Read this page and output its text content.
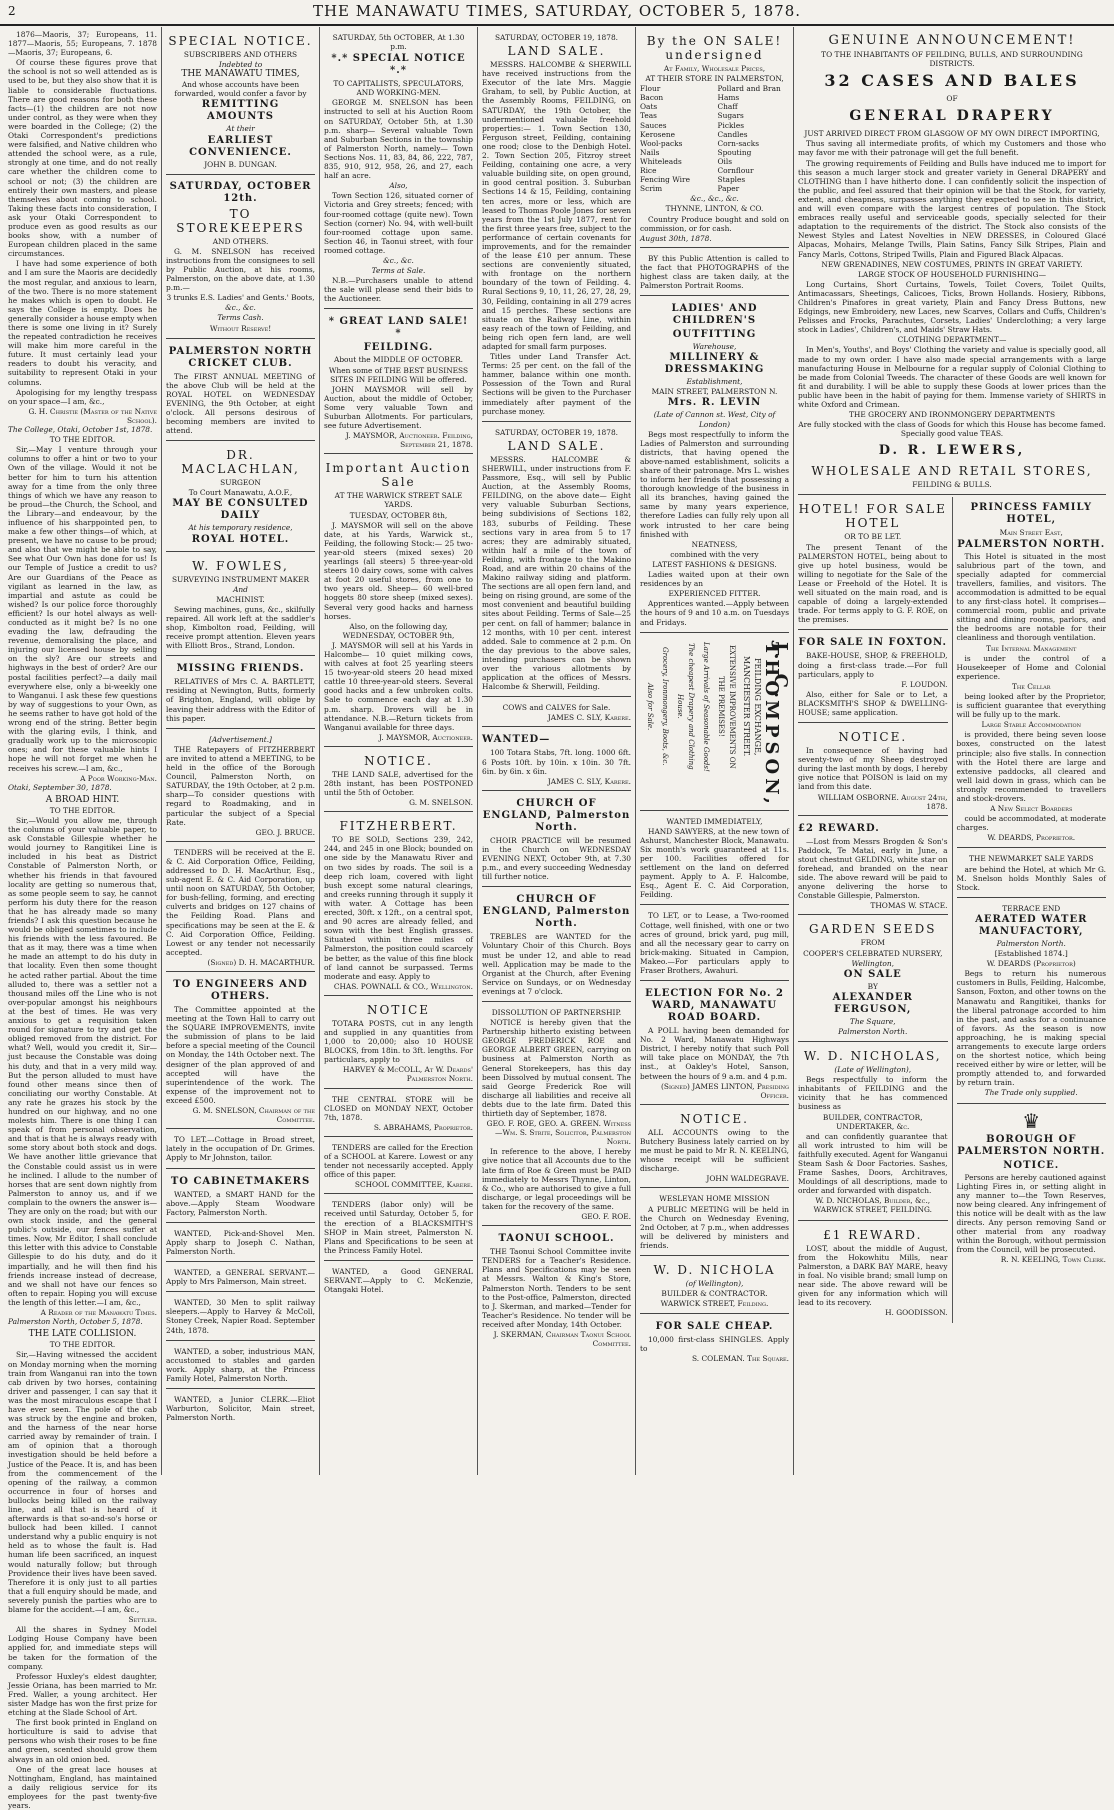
2	THE MANAWATU TIMES, SATURDAY, OCTOBER 5, 1878.

1876—Maoris, 37; Europeans, 11. 1877—Maoris, 55; Europeans, 7. 1878—Maoris, 37; Europeans, 6.

Of course these figures prove that the school is not so well attended as is used to be, but they also show that it is liable to considerable fluctuations. There are good reasons for both these facts—(1) the children are not now under control, as they were when they were boarded in the College; (2) the Otaki Correspondent's predictions were falsified, and Native children who attended the school were, as a rule, strongly at one time, and do not really care whether the children come to school or not; (3) the children are entirely their own masters, and please themselves about coming to school. Taking these facts into consideration, I ask your Otaki Correspondent to produce even as good results as our books show, with a number of European children placed in the same circumstances.

I have had some experience of both and I am sure the Maoris are decidedly the most regular, and anxious to learn, of the two. There is no more statement he makes which is open to doubt. He says the College is empty. Does he generally consider a house empty when there is some one living in it? Surely the repeated contradiction he receives will make him more careful in the future. It must certainly lead your readers to doubt his veracity, and suitability to represent Otaki in your columns.

Apologising for my lengthy trespass on your space—I am, &c.,

G. H. Christie (Master of the Native School).
The College, Otaki, October 1st, 1878.
TO THE EDITOR.

Sir,—May I venture through your columns to offer a hint or two to your Own of the village. Would it not be better for him to turn his attention away for a time from the only three things of which we have any reason to be proud—the Church, the School, and the Library—and endeavour, by the influence of his sharppointed pen, to make a few other things—of which, at present, we have no cause to be proud; and also that we might be able to say, See what Our Own has done for us! Is our Temple of Justice a credit to us? Are our Guardians of the Peace as vigilant as learned in the law, as impartial and astute as could be wished? Is our police force thoroughly efficient? Is our hotel always as well-conducted as it might be? Is no one evading the law, defrauding the revenue, demoralising the place, and injuring our licensed house by selling on the sly? Are our streets and highways in the best of order? Are our postal facilities perfect?—a daily mail everywhere else, only a bi-weekly one to Wanganui. I ask these few questions by way of suggestions to your Own, as he seems rather to have got hold of the wrong end of the string. Better begin with the glaring evils, I think, and gradually work up to the microscopic ones; and for these valuable hints I hope he will not forget me when he receives his screw.—I am, &c.,

A Poor Working-Man.
Otaki, September 30, 1878.
A BROAD HINT.
TO THE EDITOR.

Sir,—Would you allow me, through the columns of your valuable paper, to ask Constable Gillespie whether he would journey to Rangitikei Line is included in his beat as District Constable of Palmerston North, or whether his friends in that favoured locality are getting so numerous that, as some people seem to say, he cannot perform his duty there for the reason that he has already made so many friends? I ask this question because he would be obliged sometimes to include his friends with the less favoured. Be that as it may, there was a time when he made an attempt to do his duty in that locality. Even then some thought he acted rather partial. About the time alluded to, there was a settler not a thousand miles off the Line who is not over-popular amongst his neighbours at the best of times. He was very anxious to get a requisition taken round for signature to try and get the obliged removed from the district. For what? Well, would you credit it, Sir—just because the Constable was doing his duty, and that in a very mild way. But the person alluded to must have found other means since then of conciliating our worthy Constable. At any rate he grazes his stock by the hundred on our highway, and no one molests him. There is one thing I can speak of from personal observation, and that is that he is always ready with some story about both stock and dogs. We have another little grievance that the Constable could assist us in were he inclined. I allude to the number of horses that are sent down nightly from Palmerston to annoy us, and if we complain to the owners the answer is—They are only on the road; but with our own stock inside, and the general public's outside, our fences suffer at times. Now, Mr Editor, I shall conclude this letter with this advice to Constable Gillespie to do his duty, and do it impartially, and he will then find his friends increase instead of decrease, and we shall not have our fences so often to repair. Hoping you will excuse the length of this letter.—I am, &c.,

A Reader of the Manawatu Times.
Palmerston North, October 5, 1878.
THE LATE COLLISION.
TO THE EDITOR.

Sir,—Having witnessed the accident on Monday morning when the morning train from Wanganui ran into the town cab driven by two horses, containing driver and passenger, I can say that it was the most miraculous escape that I have ever seen. The pole of the cab was struck by the engine and broken, and the harness of the near horse carried away by remainder of train. I am of opinion that a thorough investigation should be held before a Justice of the Peace. It is, and has been from the commencement of the opening of the railway, a common occurrence in four of horses and bullocks being killed on the railway line, and all that is heard of it afterwards is that so-and-so's horse or bullock had been killed. I cannot understand why a public enquiry is not held as to whose the fault is. Had human life been sacrificed, an inquest would naturally follow; but through Providence their lives have been saved. Therefore it is only just to all parties that a full enquiry should be made, and severely punish the parties who are to blame for the accident.—I am, &c.,

Settler.

All the shares in Sydney Model Lodging House Company have been applied for, and immediate steps will be taken for the formation of the company.

Professor Huxley's eldest daughter, Jessie Oriana, has been married to Mr. Fred. Waller, a young architect. Her sister Madge has won the first prize for etching at the Slade School of Art.

The first book printed in England on horticulture is said to advise that persons who wish their roses to be fine and green, scented should grow them always in an old onion bed.

One of the great lace houses at Nottingham, England, has maintained a daily religious service for its employees for the past twenty-five years.

SPECIAL NOTICE.
SUBSCRIBERS AND OTHERS
Indebted to
THE MANAWATU TIMES,
And whose accounts have been forwarded, would confer a favor by
REMITTING AMOUNTS
At their
EARLIEST CONVENIENCE.
JOHN B. DUNGAN.
SATURDAY, OCTOBER 12th.
TO STOREKEEPERS
AND OTHERS.

G. M. SNELSON has received instructions from the consignees to sell by Public Auction, at his rooms, Palmerston, on the above date, at 1.30 p.m.—

3 trunks E.S. Ladies' and Gents.' Boots,
&c., &c.
Terms Cash.
Without Reserve!
PALMERSTON NORTH CRICKET CLUB.

The FIRST ANNUAL MEETING of the above Club will be held at the ROYAL HOTEL on WEDNESDAY EVENING, the 9th October, at eight o'clock. All persons desirous of becoming members are invited to attend.

DR. MACLACHLAN,
SURGEON
To Court Manawatu, A.O.F.,
MAY BE CONSULTED DAILY
At his temporary residence,
ROYAL HOTEL.
W. FOWLES,
SURVEYING INSTRUMENT MAKER
And
MACHINIST.

Sewing machines, guns, &c., skilfully repaired. All work left at the saddler's shop, Kimbolton road, Feilding, will receive prompt attention. Eleven years with Elliott Bros., Strand, London.

MISSING FRIENDS.

RELATIVES of Mrs C. A. BARTLETT, residing at Newington, Butts, formerly of Brighton, England, will oblige by leaving their address with the Editor of this paper.

[Advertisement.]

THE Ratepayers of FITZHERBERT are invited to attend a MEETING, to be held in the office of the Borough Council, Palmerston North, on SATURDAY, the 19th October, at 2 p.m. sharp—To consider questions with regard to Roadmaking, and in particular the subject of a Special Rate.

GEO. J. BRUCE.

TENDERS will be received at the E. & C. Aid Corporation Office, Feilding, addressed to D. H. MacArthur, Esq., sub-agent E. & C. Aid Corporation, up until noon on SATURDAY, 5th October, for bush-felling, forming, and erecting culverts and bridges on 127 chains of the Feilding Road. Plans and specifications may be seen at the E. & C. Aid Corporation Office, Feilding. Lowest or any tender not necessarily accepted.

(Signed) D. H. MACARTHUR.
TO ENGINEERS AND OTHERS.

The Committee appointed at the meeting at the Town Hall to carry out the SQUARE IMPROVEMENTS, invite the submission of plans to be laid before a special meeting of the Council on Monday, the 14th October next. The designer of the plan approved of and accepted will have the superintendence of the work. The expense of the improvement not to exceed £500.

G. M. SNELSON, Chairman of the Committee.

TO LET.—Cottage in Broad street, lately in the occupation of Dr. Grimes. Apply to Mr Johnston, tailor.

TO CABINETMAKERS

WANTED, a SMART HAND for the above.—Apply Steam Woodware Factory, Palmerston North.

WANTED, Pick-and-Shovel Men. Apply sharp to Joseph C. Nathan, Palmerston North.

WANTED, a GENERAL SERVANT.—Apply to Mrs Palmerson, Main street.

WANTED, 30 Men to split railway sleepers.—Apply to Harvey & McColl, Stoney Creek, Napier Road. September 24th, 1878.

WANTED, a sober, industrious MAN, accustomed to stables and garden work. Apply sharp, at the Princess Family Hotel, Palmerston North.

WANTED, a Junior CLERK.—Eliot Warburton, Solicitor, Main street, Palmerston North.

SATURDAY, 5th OCTOBER, At 1.30 p.m.
*.* SPECIAL NOTICE *.*
TO CAPITALISTS, SPECULATORS, AND WORKING-MEN.

GEORGE M. SNELSON has been instructed to sell at his Auction Room on SATURDAY, October 5th, at 1.30 p.m. sharp— Several valuable Town and Suburban Sections in the township of Palmerston North, namely— Town Sections Nos. 11, 83, 84, 86, 222, 787, 835, 910, 912, 958, 26, and 27, each half an acre.

Also,

Town Section 126, situated corner of Victoria and Grey streets; fenced; with four-roomed cottage (quite new). Town Section (corner) No. 94, with well-built four-roomed cottage upon same. Section 46, in Taonui street, with four roomed cottage.

&c., &c.
Terms at Sale.

N.B.—Purchasers unable to attend the sale will please send their bids to the Auctioneer.

* GREAT LAND SALE! *
FEILDING.
About the MIDDLE OF OCTOBER.
When some of THE BEST BUSINESS SITES IN FEILDING Will be offered.

JOHN MAYSMOR will sell by Auction, about the middle of October, Some very valuable Town and Suburban Allotments. For particulars, see future Advertisement.

J. MAYSMOR, Auctioneer. Feilding, September 21, 1878.
Important Auction Sale
AT THE WARWICK STREET SALE YARDS.
TUESDAY, OCTOBER 8th,

J. MAYSMOR will sell on the above date, at his Yards, Warwick st., Feilding, the following Stock:— 25 two-year-old steers (mixed sexes) 20 yearlings (all steers) 5 three-year-old steers 10 dairy cows, some with calves at foot 20 useful stores, from one to two years old. Sheep— 60 well-bred hoggets 80 store sheep (mixed sexes). Several very good hacks and harness horses.

Also, on the following day, WEDNESDAY, OCTOBER 9th,

J. MAYSMOR will sell at his Yards in Halcombe— 10 quiet milking cows, with calves at foot 25 yearling steers 15 two-year-old steers 20 head mixed cattle 10 three-year-old steers. Several good hacks and a few unbroken colts. Sale to commence each day at 1.30 p.m. sharp. Drovers will be in attendance. N.B.—Return tickets from Wanganui available for three days.

J. MAYSMOR, Auctioneer.
NOTICE.

THE LAND SALE, advertised for the 28th instant, has been POSTPONED until the 5th of October.

G. M. SNELSON.
FITZHERBERT.

TO BE SOLD, Sections 239, 242, 244, and 245 in one Block; bounded on one side by the Manawatu River and on two sides by roads. The soil is a deep rich loam, covered with light bush except some natural clearings, and creeks running through it supply it with water. A Cottage has been erected, 30ft. x 12ft., on a central spot, and 90 acres are already felled, and sown with the best English grasses. Situated within three miles of Palmerston, the position could scarcely be better, as the value of this fine block of land cannot be surpassed. Terms moderate and easy. Apply to

CHAS. POWNALL & CO., Wellington.
NOTICE

TOTARA POSTS, cut in any length and supplied in any quantities from 1,000 to 20,000; also 10 HOUSE BLOCKS, from 18in. to 3ft. lengths. For particulars, apply to

HARVEY & McCOLL, At W. Deards' Palmerston North.

THE CENTRAL STORE will be CLOSED on MONDAY NEXT, October 7th, 1878.

S. ABRAHAMS, Proprietor.

TENDERS are called for the Erection of a SCHOOL at Karere. Lowest or any tender not necessarily accepted. Apply office of this paper.

SCHOOL COMMITTEE, Karere.

TENDERS (labor only) will be received until Saturday, October 5, for the erection of a BLACKSMITH'S SHOP in Main street, Palmerston N. Plans and Specifications to be seen at the Princess Family Hotel.

WANTED, a Good GENERAL SERVANT.—Apply to C. McKenzie, Otangaki Hotel.

SATURDAY, OCTOBER 19, 1878.
LAND SALE.

MESSRS. HALCOMBE & SHERWILL have received instructions from the Executor of the late Mrs. Maggie Graham, to sell, by Public Auction, at the Assembly Rooms, FEILDING, on SATURDAY, the 19th October, the undermentioned valuable freehold properties:— 1. Town Section 130, Ferguson street, Feilding, containing one rood; close to the Denbigh Hotel. 2. Town Section 205, Fitzroy street Feilding, containing one acre, a very valuable building site, on open ground, in good central position. 3. Suburban Sections 14 & 15, Feilding, containing ten acres, more or less, which are leased to Thomas Poole Jones for seven years from the 1st July 1877, rent for the first three years free, subject to the performance of certain covenants for improvements, and for the remainder of the lease £10 per annum. These sections are conveniently situated, with frontage on the northern boundary of the town of Feilding. 4. Rural Sections 9, 10, 11, 26, 27, 28, 29, 30, Feilding, containing in all 279 acres and 15 perches. These sections are situate on the Railway Line, within easy reach of the town of Feilding, and being rich open fern land, are well adapted for small farm purposes.

Titles under Land Transfer Act. Terms: 25 per cent. on the fall of the hammer, balance within one month. Possession of the Town and Rural Sections will be given to the Purchaser immediately after payment of the purchase money.

SATURDAY, OCTOBER 19, 1878.
LAND SALE.

MESSRS. HALCOMBE & SHERWILL, under instructions from F. Passmore, Esq., will sell by Public Auction, at the Assembly Rooms, FEILDING, on the above date— Eight very valuable Suburban Sections, being subdivisions of Sections 182, 183, suburbs of Feilding. These sections vary in area from 5 to 17 acres; they are admirably situated, within half a mile of the town of Feilding, with frontage to the Makino Road, and are within 20 chains of the Makino railway siding and platform. The sections are all open fern land, and being on rising ground, are some of the most convenient and beautiful building sites about Feilding. Terms of Sale—25 per cent. on fall of hammer; balance in 12 months, with 10 per cent. interest added. Sale to commence at 2 p.m. On the day previous to the above sales, intending purchasers can be shown over the various allotments by application at the offices of Messrs. Halcombe & Sherwill, Feilding.

COWS and CALVES for Sale.
JAMES C. SLY, Karere.
WANTED—

100 Totara Stabs, 7ft. long. 1000 6ft. 6 Posts 10ft. by 10in. x 10in. 30 7ft. 6in. by 6in. x 6in.

JAMES C. SLY, Karere.
CHURCH OF ENGLAND, Palmerston North.

CHOIR PRACTICE will be resumed in the Church on WEDNESDAY EVENING NEXT, October 9th, at 7.30 p.m., and every succeeding Wednesday till further notice.

CHURCH OF ENGLAND, Palmerston North.

TREBLES are WANTED for the Voluntary Choir of this Church. Boys must be under 12, and able to read well. Application may be made to the Organist at the Church, after Evening Service on Sundays, or on Wednesday evenings at 7 o'clock.

DISSOLUTION OF PARTNERSHIP.

NOTICE is hereby given that the Partnership hitherto existing between GEORGE FREDERICK ROE and GEORGE ALBERT GREEN, carrying on business at Palmerston North as General Storekeepers, has this day been Dissolved by mutual consent. The said George Frederick Roe will discharge all liabilities and receive all debts due to the late firm. Dated this thirtieth day of September, 1878.

GEO. F. ROE, GEO. A. GREEN. Witness—Wm. S. Strite, Solicitor, Palmerston North.

In reference to the above, I hereby give notice that all Accounts due to the late firm of Roe & Green must be PAID immediately to Messrs Thynne, Linton, & Co., who are authorised to give a full discharge, or legal proceedings will be taken for the recovery of the same.

GEO. F. ROE.
TAONUI SCHOOL.

THE Taonui School Committee invite TENDERS for a Teacher's Residence. Plans and Specifications may be seen at Messrs. Walton & King's Store, Palmerston North. Tenders to be sent to the Post-office, Palmerston, directed to J. Skerman, and marked—Tender for Teacher's Residence. No tender will be received after Monday, 14th October.

J. SKERMAN, Chairman Taonui School Committee.
By the ON SALE! undersigned
At Family, Wholesale Prices,
AT THEIR STORE IN PALMERSTON,
Flour	Pollard and Bran
Bacon	Hams
Oats	Chaff
Teas	Sugars
Sauces	Pickles
Kerosene	Candles
Wool-packs	Corn-sacks
Nails	Spouting
Whiteleads	Oils
Rice	Cornflour
Fencing Wire	Staples
Scrim	Paper
&c., &c., &c.
THYNNE, LINTON, & CO.

Country Produce bought and sold on commission, or for cash.

August 30th, 1878.

BY this Public Attention is called to the fact that PHOTOGRAPHS of the highest class are taken daily, at the Palmerston Portrait Rooms.

LADIES' AND CHILDREN'S
OUTFITTING
Warehouse,
MILLINERY & DRESSMAKING
Establishment,
MAIN STREET, PALMERSTON N.
Mrs. R. LEVIN
(Late of Cannon st. West, City of London)

Begs most respectfully to inform the Ladies of Palmerston and surrounding districts, that having opened the above-named establishment, solicits a share of their patronage. Mrs L. wishes to inform her friends that possessing a thorough knowledge of the business in all its branches, having gained the same by many years experience, therefore Ladies can fully rely upon all work intrusted to her care being finished with

NEATNESS,
combined with the very
LATEST FASHIONS & DESIGNS.

Ladies waited upon at their own residences by an

EXPERIENCED FITTER.

Apprentices wanted.—Apply between the hours of 9 and 10 a.m. on Tuesdays and Fridays.

Also for Sale. Grocery, Ironmongery, Boots, &c.	The cheapest Drapery and Clothing House.	Large Arrivals of Seasonable Goods!	EXTENSIVE IMPROVEMENTS ON THE PREMISES!	FEILDING EXCHANGE, MANCHESTER STREET.	J. C. THOMPSON,
WANTED IMMEDIATELY,

HAND SAWYERS, at the new town of Ashurst, Manchester Block, Manawatu. Six month's work guaranteed at 11s. per 100. Facilities offered for settlement on the land on deferred payment. Apply to A. F. Halcombe, Esq., Agent E. C. Aid Corporation, Feilding.

TO LET, or to Lease, a Two-roomed Cottage, well finished, with one or two acres of ground, brick yard, pug mill, and all the necessary gear to carry on brick-making. Situated in Campion, Makeo.—For particulars apply to Fraser Brothers, Awahuri.

ELECTION FOR No. 2 WARD, MANAWATU ROAD BOARD.

A POLL having been demanded for No. 2 Ward, Manawatu Highways District, I hereby notify that such Poll will take place on MONDAY, the 7th inst., at Oakley's Hotel, Sanson, between the hours of 9 a.m. and 4 p.m.

(Signed) JAMES LINTON, Presiding Officer.
NOTICE.

ALL ACCOUNTS owing to the Butchery Business lately carried on by me must be paid to Mr R. N. KEELING, whose receipt will be sufficient discharge.

JOHN WALDEGRAVE.
WESLEYAN HOME MISSION

A PUBLIC MEETING will be held in the Church on Wednesday Evening, 2nd October, at 7 p.m., when addresses will be delivered by ministers and friends.

W. D. NICHOLA
(of Wellington),
BUILDER & CONTRACTOR.
WARWICK STREET, Feilding.
FOR SALE CHEAP.

10,000 first-class SHINGLES. Apply to

S. COLEMAN. The Square.
GENUINE ANNOUNCEMENT!
TO THE INHABITANTS OF FEILDING, BULLS, AND SURROUNDING DISTRICTS.
32 CASES AND BALES
OF
GENERAL DRAPERY
JUST ARRIVED DIRECT FROM GLASGOW OF MY OWN DIRECT IMPORTING,

Thus saving all intermediate profits, of which my Customers and those who may favor me with their patronage will get the full benefit.

The growing requirements of Feilding and Bulls have induced me to import for this season a much larger stock and greater variety in General DRAPERY and CLOTHING than I have hitherto done. I can confidently solicit the inspection of the public, and feel assured that their opinion will be that the Stock, for variety, extent, and cheapness, surpasses anything they expected to see in this district, and will even compare with the largest centres of population. The Stock embraces really useful and serviceable goods, specially selected for their adaptation to the requirements of the district. The Stock also consists of the Newest Styles and Latest Novelties in NEW DRESSES, in Coloured Glacé Alpacas, Mohairs, Melange Twills, Plain Satins, Fancy Silk Stripes, Plain and Fancy Marls, Cottons, Striped Twills, Plain and Figured Black Alpacas.

NEW GRENADINES, NEW COSTUMES, PRINTS IN GREAT VARIETY.
LARGE STOCK OF HOUSEHOLD FURNISHING—

Long Curtains, Short Curtains, Towels, Toilet Covers, Toilet Quilts, Antimacassars, Sheetings, Calicoes, Ticks, Brown Hollands. Hosiery, Ribbons, Children's Pinafores in great variety, Plain and Fancy Dress Buttons, new Edgings, new Embroidery, new Laces, new Scarves, Collars and Cuffs, Children's Pelisses and Frocks, Parachutes, Corsets, Ladies' Underclothing; a very large stock in Ladies', Children's, and Maids' Straw Hats.

CLOTHING DEPARTMENT—

In Men's, Youths', and Boys' Clothing the variety and value is specially good, all made to my own order. I have also made special arrangements with a large manufacturing House in Melbourne for a regular supply of Colonial Clothing to be made from Colonial Tweeds. The character of these Goods are well known for fit and durability. I will be able to supply these Goods at lower prices than the public have been in the habit of paying for them. Immense variety of SHIRTS in white Oxford and Crimean.

THE GROCERY AND IRONMONGERY DEPARTMENTS
Are fully stocked with the class of Goods for which this House has become famed. Specially good value TEAS.
D. R. LEWERS,
WHOLESALE AND RETAIL STORES,
FEILDING & BULLS.
HOTEL! FOR SALE HOTEL
OR TO BE LET.

The present Tenant of the PALMERSTON HOTEL, being about to give up hotel business, would be willing to negotiate for the Sale of the Lease or Freehold of the Hotel. It is well situated on the main road, and is capable of doing a largely-extended trade. For terms apply to G. F. ROE, on the premises.

FOR SALE IN FOXTON.

BAKE-HOUSE, SHOP, & FREEHOLD, doing a first-class trade.—For full particulars, apply to

F. LOUDON.

Also, either for Sale or to Let, a BLACKSMITH'S SHOP & DWELLING-HOUSE; same application.

NOTICE.

In consequence of having had seventy-two of my Sheep destroyed during the last month by dogs, I hereby give notice that POISON is laid on my land from this date.

WILLIAM OSBORNE. August 24th, 1878.
£2 REWARD.

—Lost from Messrs Brogden & Son's Paddock, Te Matai, early in June, a stout chestnut GELDING, white star on forehead, and branded on the near side. The above reward will be paid to anyone delivering the horse to Constable Gillespie, Palmerston.

THOMAS W. STACE.
GARDEN SEEDS
FROM
COOPER'S CELEBRATED NURSERY,
Wellington,
ON SALE
BY
ALEXANDER FERGUSON,
The Square,
Palmerston North.
W. D. NICHOLAS,
(Late of Wellington),

Begs respectfully to inform the inhabitants of FEILDING and the vicinity that he has commenced business as

BUILDER, CONTRACTOR, UNDERTAKER, &c.

and can confidently guarantee that all work intrusted to him will be faithfully executed. Agent for Wanganui Steam Sash & Door Factories. Sashes, Frame Sashes, Doors, Architraves, Mouldings of all descriptions, made to order and forwarded with dispatch.

W. D. NICHOLAS, Builder, &c., WARWICK STREET, FEILDING.
£1 REWARD.

LOST, about the middle of August, from the Hokowhitu Mills, near Palmerston, a DARK BAY MARE, heavy in foal. No visible brand; small lump on near side. The above reward will be given for any information which will lead to its recovery.

H. GOODISSON.
PRINCESS FAMILY HOTEL,
Main Street East,
PALMERSTON NORTH.

This Hotel is situated in the most salubrious part of the town, and specially adapted for commercial travellers, families, and visitors. The accommodation is admitted to be equal to any first-class hotel. It comprises—commercial room, public and private sitting and dining rooms, parlors, and the bedrooms are notable for their cleanliness and thorough ventilation.

The Internal Management

is under the control of a Housekeeper of Home and Colonial experience.

The Cellar

being looked after by the Proprietor, is sufficient guarantee that everything will be fully up to the mark.

Large Stable Accommodation

is provided, there being seven loose boxes, constructed on the latest principle; also five stalls. In connection with the Hotel there are large and extensive paddocks, all cleared and well laid down in grass, which can be strongly recommended to travellers and stock-drovers.

A New Select Boarders

could be accommodated, at moderate charges.

W. DEARDS, Proprietor.
THE NEWMARKET SALE YARDS

are behind the Hotel, at which Mr G. M. Snelson holds Monthly Sales of Stock.

TERRACE END
AERATED WATER MANUFACTORY,
Palmerston North.
[Established 1874.]
W. DEARDS (Proprietor)

Begs to return his numerous customers in Bulls, Feilding, Halcombe, Sanson, Foxton, and other towns on the Manawatu and Rangitikei, thanks for the liberal patronage accorded to him in the past, and asks for a continuance of favors. As the season is now approaching, he is making special arrangements to execute large orders on the shortest notice, which being received either by wire or letter, will be promptly attended to, and forwarded by return train.

The Trade only supplied.
♛
BOROUGH OF PALMERSTON NORTH.
NOTICE.

Persons are hereby cautioned against Lighting Fires in, or setting alight in any manner to—the Town Reserves, now being cleared. Any infringement of this notice will be dealt with as the law directs. Any person removing Sand or other material from any roadway within the Borough, without permission from the Council, will be prosecuted.

R. N. KEELING, Town Clerk.
